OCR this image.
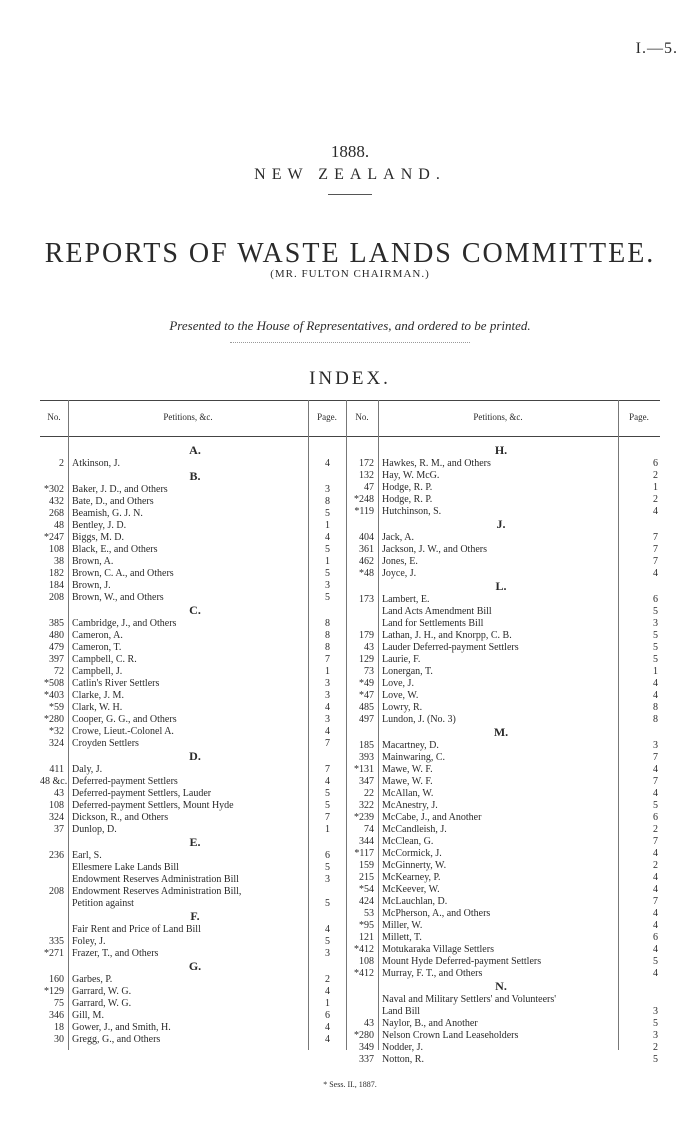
I.—5.
1888.
NEW ZEALAND.
REPORTS OF WASTE LANDS COMMITTEE.
(MR. FULTON CHAIRMAN.)
Presented to the House of Representatives, and ordered to be printed.
INDEX.
No.	Petitions, &c.	Page.	No.	Petitions, &c.	Page.
A.
2 Atkinson, J.	4
B.
*302 Baker, J. D., and Others	3
432 Bate, D., and Others	8
268 Beamish, G. J. N.	5
48 Bentley, J. D.	1
*247 Biggs, M. D.	4
108 Black, E., and Others	5
38 Brown, A.	1
182 Brown, C. A., and Others	5
184 Brown, J.	3
208 Brown, W., and Others	5
C.
385 Cambridge, J., and Others	8
480 Cameron, A.	8
479 Cameron, T.	8
397 Campbell, C. R.	7
72 Campbell, J.	1
*508 Catlin's River Settlers	3
*403 Clarke, J. M.	3
*59 Clark, W. H.	4
*280 Cooper, G. G., and Others	3
*32 Crowe, Lieut.-Colonel A.	4
324 Croyden Settlers	7
D.
411 Daly, J.	7
48 &c. Deferred-payment Settlers	4
43 Deferred-payment Settlers, Lauder	5
108 Deferred-payment Settlers, Mount Hyde	5
324 Dickson, R., and Others	7
37 Dunlop, D.	1
E.
236 Earl, S.	6
Ellesmere Lake Lands Bill	5
Endowment Reserves Administration Bill	3
208 Endowment Reserves Administration Bill,
Petition against	5
F.
Fair Rent and Price of Land Bill	4
335 Foley, J.	5
*271 Frazer, T., and Others	3
G.
160 Garbes, P.	2
*129 Garrard, W. G.	4
75 Garrard, W. G.	1
346 Gill, M.	6
18 Gower, J., and Smith, H.	4
30 Gregg, G., and Others	4
H.
172 Hawkes, R. M., and Others	6
132 Hay, W. McG.	2
47 Hodge, R. P.	1
*248 Hodge, R. P.	2
*119 Hutchinson, S.	4
J.
404 Jack, A.	7
361 Jackson, J. W., and Others	7
462 Jones, E.	7
*48 Joyce, J.	4
L.
173 Lambert, E.	6
Land Acts Amendment Bill	5
Land for Settlements Bill	3
179 Lathan, J. H., and Knorpp, C. B.	5
43 Lauder Deferred-payment Settlers	5
129 Laurie, F.	5
73 Lonergan, T.	1
*49 Love, J.	4
*47 Love, W.	4
485 Lowry, R.	8
497 Lundon, J. (No. 3)	8
M.
185 Macartney, D.	3
393 Mainwaring, C.	7
*131 Mawe, W. F.	4
347 Mawe, W. F.	7
22 McAllan, W.	4
322 McAnestry, J.	5
*239 McCabe, J., and Another	6
74 McCandleish, J.	2
344 McClean, G.	7
*117 McCormick, J.	4
159 McGinnerty, W.	2
215 McKearney, P.	4
*54 McKeever, W.	4
424 McLauchlan, D.	7
53 McPherson, A., and Others	4
*95 Miller, W.	4
121 Millett, T.	6
*412 Motukaraka Village Settlers	4
108 Mount Hyde Deferred-payment Settlers	5
*412 Murray, F. T., and Others	4
N.
Naval and Military Settlers' and Volunteers'
Land Bill	3
43 Naylor, B., and Another	5
*280 Nelson Crown Land Leaseholders	3
349 Nodder, J.	2
337 Notton, R.	5
* Sess. II., 1887.
